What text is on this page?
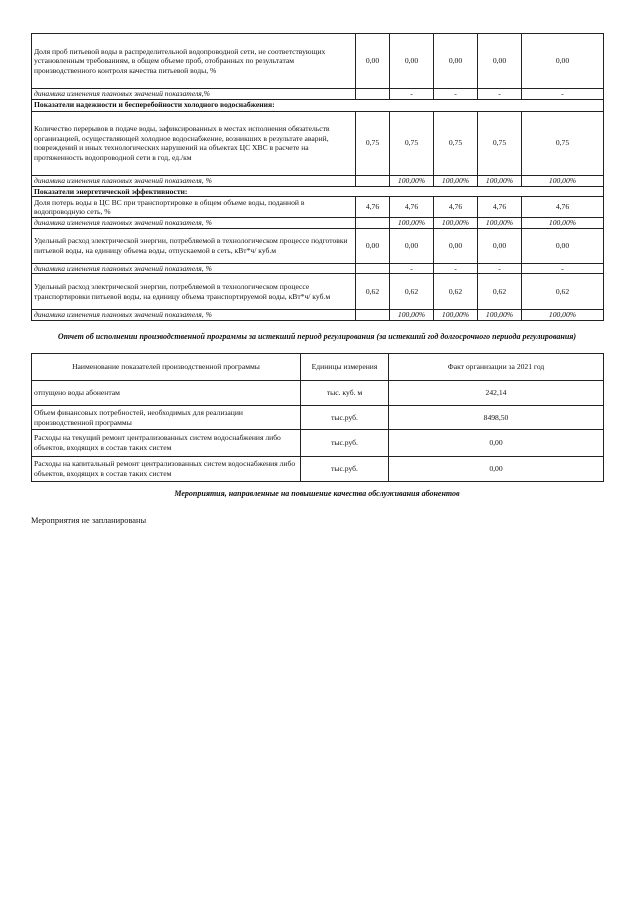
Доля проб питьевой воды в распределительной водопроводной сети, не соответствующих установленным требованиям, в общем объеме проб, отобранных по результатам производственного контроля качества питьевой воды, %	0,00	0,00	0,00	0,00	0,00
динамика изменения плановых значений показателя,%		-	-	-	-
Показатели надежности и бесперебойности холодного водоснабжения:					
Количество перерывов в подаче воды, зафиксированных в местах исполнения обязательств организацией, осуществляющей холодное водоснабжение, возникших в результате аварий, повреждений и иных технологических нарушений на объектах ЦС ХВС в расчете на протяженность водопроводной сети в год, ед./км	0,75	0,75	0,75	0,75	0,75
динамика изменения плановых значений показателя, %		100,00%	100,00%	100,00%	100,00%
Показатели энергетической эффективности:					
Доля потерь воды в ЦС ВС при транспортировке в общем объеме воды, поданной в водопроводную сеть, %	4,76	4,76	4,76	4,76	4,76
динамика изменения плановых значений показателя, %		100,00%	100,00%	100,00%	100,00%
Удельный расход электрической энергии, потребляемой в технологическом процессе подготовки питьевой воды, на единицу объема воды, отпускаемой в сеть, кВт*ч/ куб.м	0,00	0,00	0,00	0,00	0,00
динамика изменения плановых значений показателя, %		-	-	-	-
Удельный расход электрической энергии, потребляемой в технологическом процессе транспортировки питьевой воды, на единицу объема транспортируемой воды, кВт*ч/ куб.м	0,62	0,62	0,62	0,62	0,62
динамика изменения плановых значений показателя, %		100,00%	100,00%	100,00%	100,00%
Отчет об исполнении производственной программы за истекший период регулирования (за истекший год долгосрочного периода регулирования)
Наименование показателей производственной программы	Единицы измерения	Факт организации за 2021 год
отпущено воды абонентам	тыс. куб. м	242,14
Объем финансовых потребностей, необходимых для реализации производственной программы	тыс.руб.	8498,50
Расходы на текущий ремонт централизованных систем водоснабжения либо объектов, входящих в состав таких систем	тыс.руб.	0,00
Расходы на капитальный ремонт централизованных систем водоснабжения либо объектов, входящих в состав таких систем	тыс.руб.	0,00
Мероприятия, направленные на повышение качества обслуживания абонентов
Мероприятия не запланированы
